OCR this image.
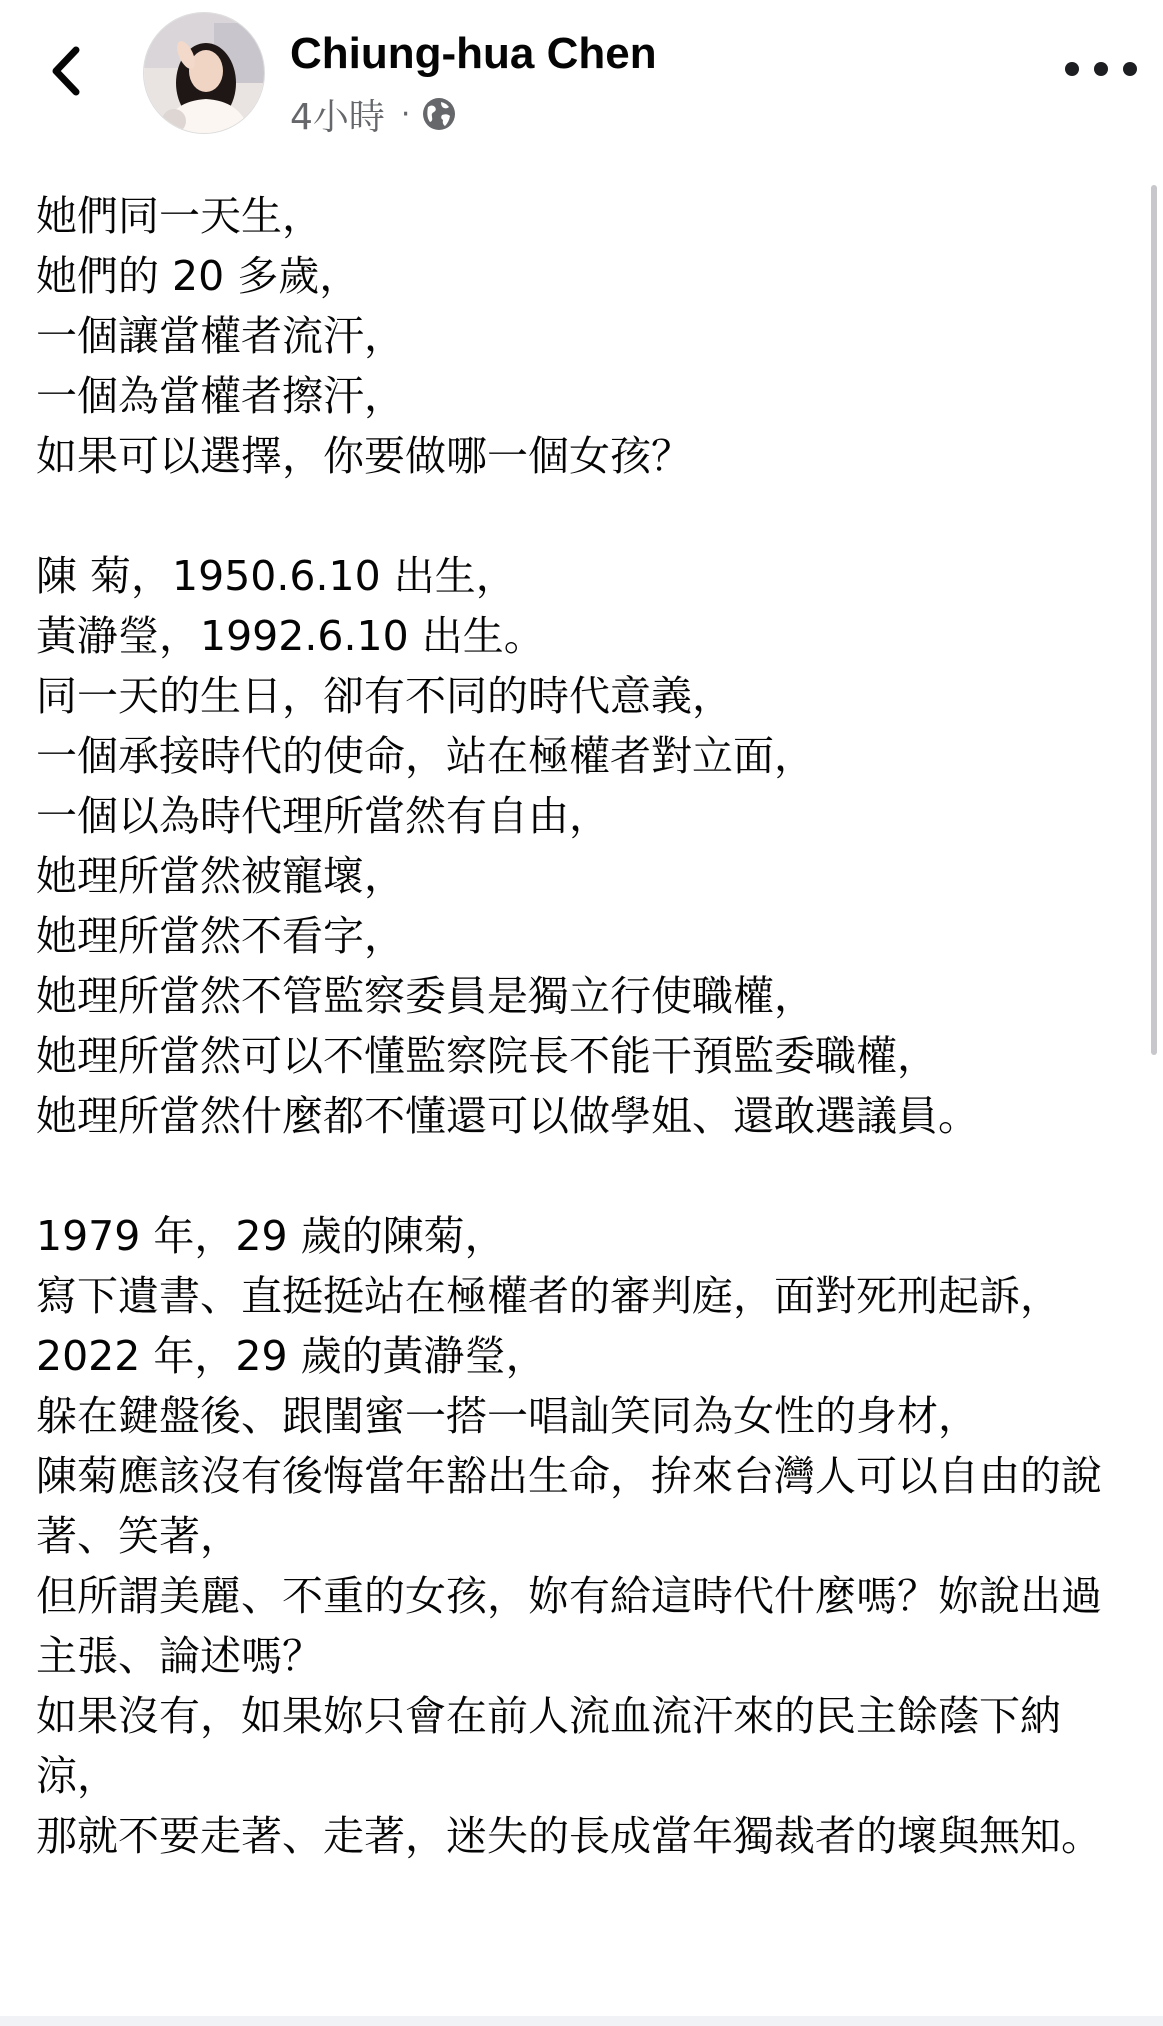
Chiung-hua Chen
4小時 ·

她們同一天生，
她們的 20 多歲，
一個讓當權者流汗，
一個為當權者擦汗，
如果可以選擇，你要做哪一個女孩？

陳 菊，1950.6.10 出生，
黃瀞瑩，1992.6.10 出生。
同一天的生日，卻有不同的時代意義，
一個承接時代的使命，站在極權者對立面，
一個以為時代理所當然有自由，
她理所當然被寵壞，
她理所當然不看字，
她理所當然不管監察委員是獨立行使職權，
她理所當然可以不懂監察院長不能干預監委職權，
她理所當然什麼都不懂還可以做學姐、還敢選議員。

1979 年，29 歲的陳菊，
寫下遺書、直挺挺站在極權者的審判庭，面對死刑起訴，
2022 年，29 歲的黃瀞瑩，
躲在鍵盤後、跟閨蜜一搭一唱訕笑同為女性的身材，
陳菊應該沒有後悔當年豁出生命，拚來台灣人可以自由的說著、笑著，
但所謂美麗、不重的女孩，妳有給這時代什麼嗎？妳說出過主張、論述嗎？
如果沒有，如果妳只會在前人流血流汗來的民主餘蔭下納涼，
那就不要走著、走著，迷失的長成當年獨裁者的壞與無知。
